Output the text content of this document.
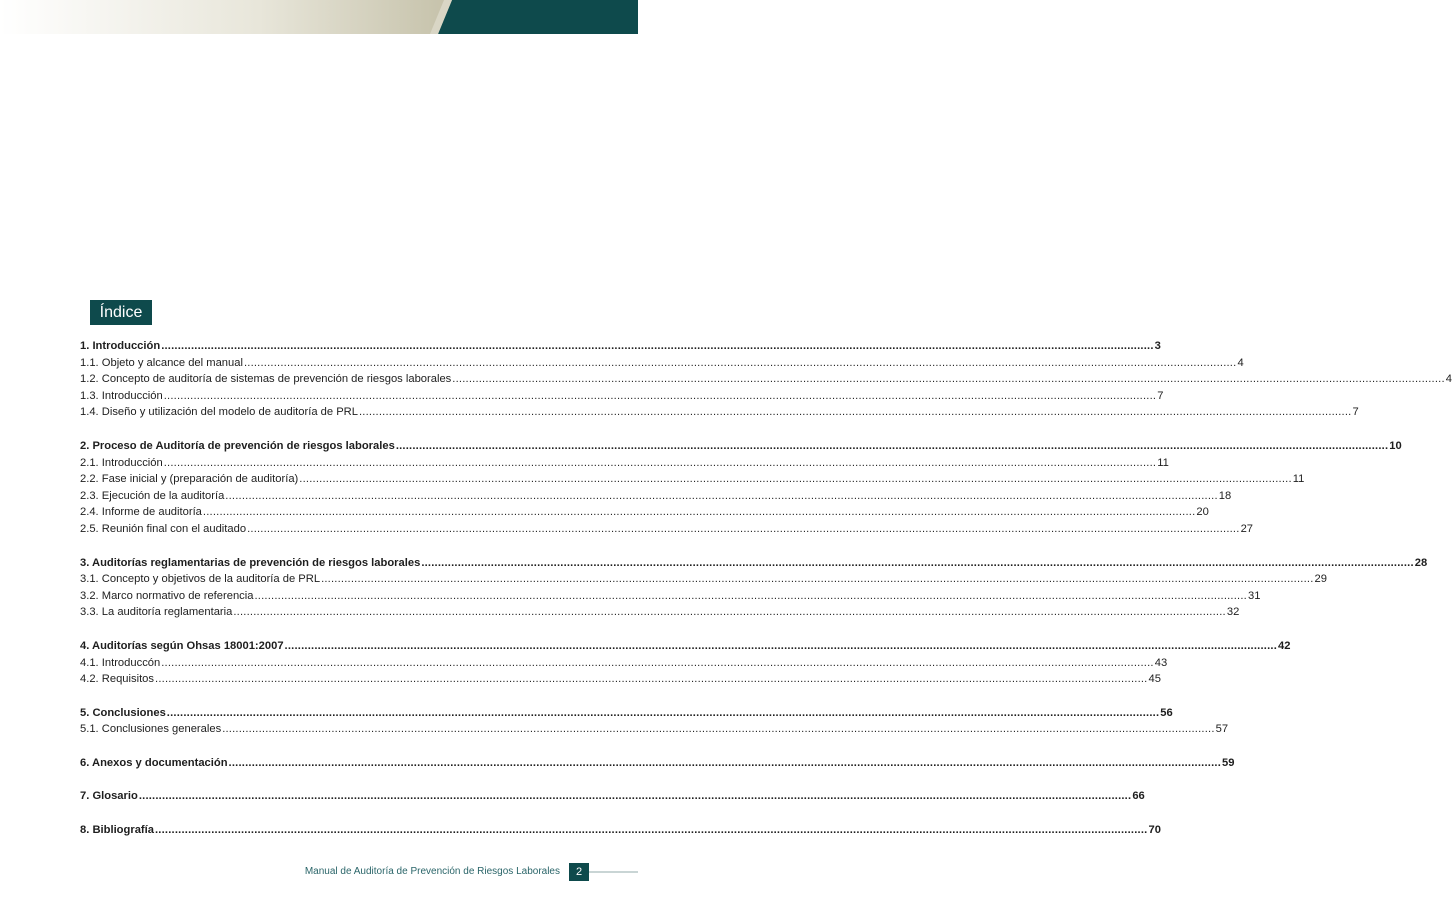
Índice
1. Introducción ............................................................................................................................................................................................................................................................................................................ 3
1.1. Objeto y alcance del manual ............................................................................................................................................................................................................................................................................................................ 4
1.2. Concepto de auditoría de sistemas de prevención de riesgos laborales ............................................................................................................................................................................................................................................................................................................ 4
1.3. Introducción ............................................................................................................................................................................................................................................................................................................ 7
1.4. Diseño y utilización del modelo de auditoría de PRL ............................................................................................................................................................................................................................................................................................................ 7
2. Proceso de Auditoría de prevención de riesgos laborales ............................................................................................................................................................................................................................................................................................................ 10
2.1. Introducción ............................................................................................................................................................................................................................................................................................................ 11
2.2. Fase inicial y (preparación de auditoría) ............................................................................................................................................................................................................................................................................................................ 11
2.3. Ejecución de la auditoría ............................................................................................................................................................................................................................................................................................................ 18
2.4. Informe de auditoría ............................................................................................................................................................................................................................................................................................................ 20
2.5. Reunión final con el auditado ............................................................................................................................................................................................................................................................................................................ 27
3. Auditorías reglamentarias de prevención de riesgos laborales ............................................................................................................................................................................................................................................................................................................ 28
3.1. Concepto y objetivos de la auditoría de PRL ............................................................................................................................................................................................................................................................................................................ 29
3.2. Marco normativo de referencia ............................................................................................................................................................................................................................................................................................................ 31
3.3. La auditoría reglamentaria ............................................................................................................................................................................................................................................................................................................ 32
4. Auditorías según Ohsas 18001:2007 ............................................................................................................................................................................................................................................................................................................ 42
4.1. Introduccón ............................................................................................................................................................................................................................................................................................................ 43
4.2. Requisitos ............................................................................................................................................................................................................................................................................................................ 45
5. Conclusiones ............................................................................................................................................................................................................................................................................................................ 56
5.1. Conclusiones generales ............................................................................................................................................................................................................................................................................................................ 57
6. Anexos y documentación ............................................................................................................................................................................................................................................................................................................ 59
7. Glosario ............................................................................................................................................................................................................................................................................................................ 66
8. Bibliografía ............................................................................................................................................................................................................................................................................................................ 70
Manual de Auditoría de Prevención de Riesgos Laborales	2
